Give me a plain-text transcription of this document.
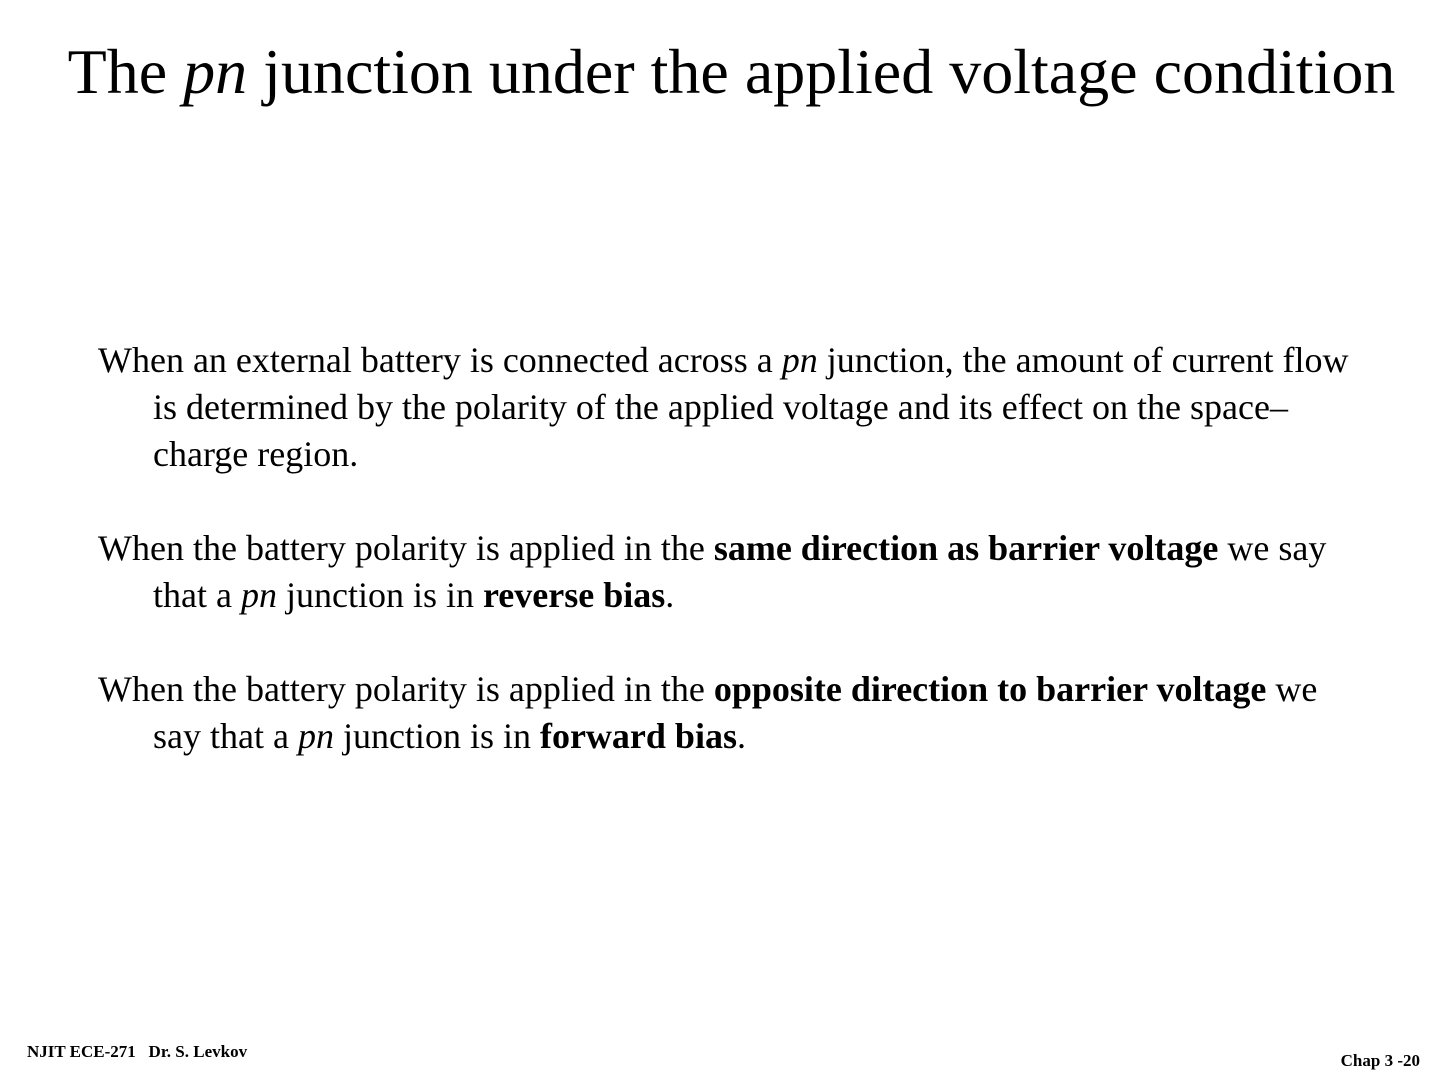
The pn junction under the applied voltage condition

When an external battery is connected across a pn junction, the amount of current flow is determined by the polarity of the applied voltage and its effect on the space–charge region.

When the battery polarity is applied in the same direction as barrier voltage we say that a pn junction is in reverse bias.

When the battery polarity is applied in the opposite direction to barrier voltage we say that a pn junction is in forward bias.

NJIT ECE-271 Dr. S. Levkov	Chap 3 -20
